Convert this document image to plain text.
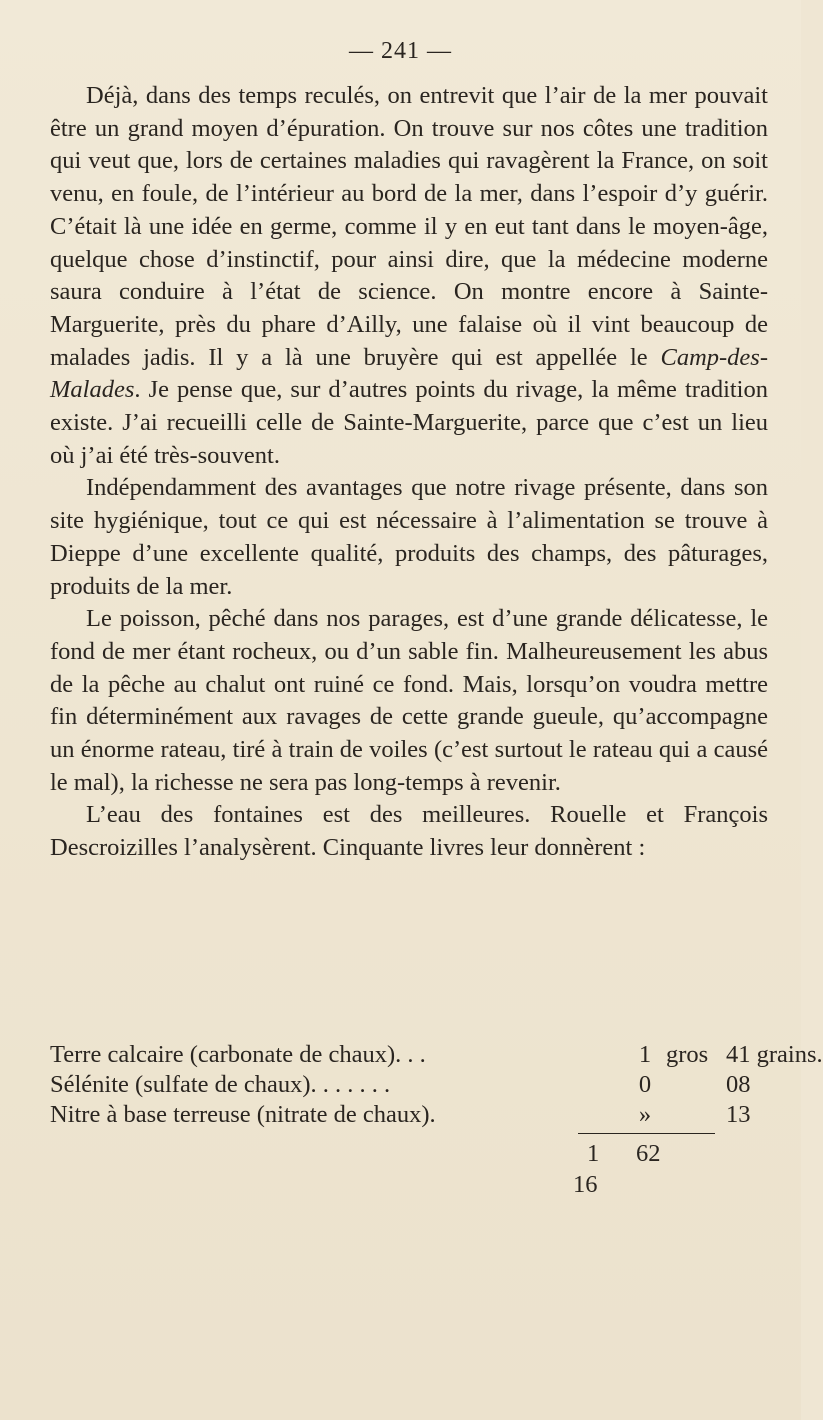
— 241 —

Déjà, dans des temps reculés, on entrevit que l’air de la mer pouvait être un grand moyen d’épuration. On trouve sur nos côtes une tradition qui veut que, lors de certaines maladies qui ravagèrent la France, on soit venu, en foule, de l’intérieur au bord de la mer, dans l’espoir d’y guérir. C’était là une idée en germe, comme il y en eut tant dans le moyen-âge, quelque chose d’instinctif, pour ainsi dire, que la médecine moderne saura conduire à l’état de science. On montre encore à Sainte-Marguerite, près du phare d’Ailly, une falaise où il vint beaucoup de malades jadis. Il y a là une bruyère qui est appellée le Camp-des-Malades. Je pense que, sur d’autres points du rivage, la même tradition existe. J’ai recueilli celle de Sainte-Marguerite, parce que c’est un lieu où j’ai été très-souvent.

Indépendamment des avantages que notre rivage présente, dans son site hygiénique, tout ce qui est nécessaire à l’alimentation se trouve à Dieppe d’une excellente qualité, produits des champs, des pâturages, produits de la mer.

Le poisson, pêché dans nos parages, est d’une grande délicatesse, le fond de mer étant rocheux, ou d’un sable fin. Malheureusement les abus de la pêche au chalut ont ruiné ce fond. Mais, lorsqu’on voudra mettre fin déterminément aux ravages de cette grande gueule, qu’accompagne un énorme rateau, tiré à train de voiles (c’est surtout le rateau qui a causé le mal), la richesse ne sera pas long-temps à revenir.

L’eau des fontaines est des meilleures. Rouelle et François Descroizilles l’analysèrent. Cinquante livres leur donnèrent :

Terre calcaire (carbonate de chaux). . .	1 gros 41 grains.
Sélénite (sulfate de chaux). . . . . . .	0	08
Nitre à base terreuse (nitrate de chaux).	»	13
1 62
16
